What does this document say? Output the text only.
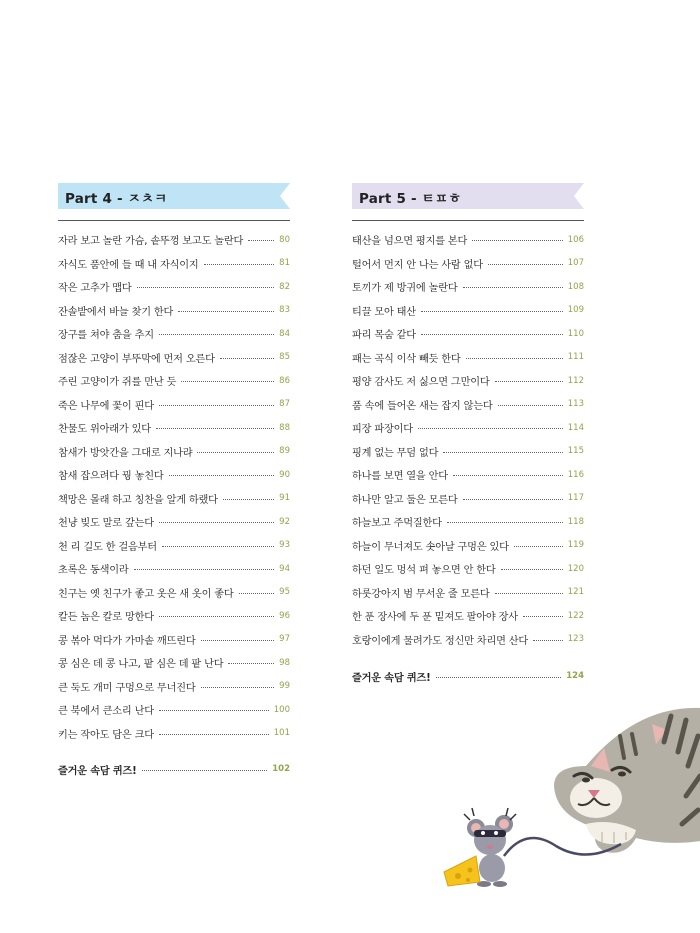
Part 4 - ㅈㅊㅋ
자라 보고 놀란 가슴, 솥뚜껑 보고도 놀란다	80
자식도 품안에 들 때 내 자식이지	81
작은 고추가 맵다	82
잔솔밭에서 바늘 찾기 한다	83
장구를 쳐야 춤을 추지	84
점잖은 고양이 부뚜막에 먼저 오른다	85
주린 고양이가 쥐를 만난 듯	86
죽은 나무에 꽃이 핀다	87
찬물도 위아래가 있다	88
참새가 방앗간을 그대로 지나랴	89
참새 잡으려다 꿩 놓친다	90
책망은 몰래 하고 칭찬을 알게 하랬다	91
천냥 빚도 말로 갚는다	92
천 리 길도 한 걸음부터	93
초록은 동색이라	94
친구는 옛 친구가 좋고 옷은 새 옷이 좋다	95
칼든 놈은 칼로 망한다	96
콩 볶아 먹다가 가마솥 깨뜨린다	97
콩 심은 데 콩 나고, 팥 심은 데 팥 난다	98
큰 둑도 개미 구멍으로 무너진다	99
큰 북에서 큰소리 난다	100
키는 작아도 담은 크다	101
즐거운 속담 퀴즈!	102
Part 5 - ㅌㅍㅎ
태산을 넘으면 평지를 본다	106
털어서 먼지 안 나는 사람 없다	107
토끼가 제 방귀에 놀란다	108
티끌 모아 태산	109
파리 목숨 같다	110
패는 곡식 이삭 빼듯 한다	111
평양 감사도 저 싫으면 그만이다	112
품 속에 들어온 새는 잡지 않는다	113
피장 파장이다	114
핑계 없는 무덤 없다	115
하나를 보면 열을 안다	116
하나만 알고 둘은 모른다	117
하늘보고 주먹질한다	118
하늘이 무너져도 솟아날 구멍은 있다	119
하던 일도 멍석 펴 놓으면 안 한다	120
하룻강아지 범 무서운 줄 모른다	121
한 푼 장사에 두 푼 밑져도 팔아야 장사	122
호랑이에게 물려가도 정신만 차리면 산다	123
즐거운 속담 퀴즈!	124
